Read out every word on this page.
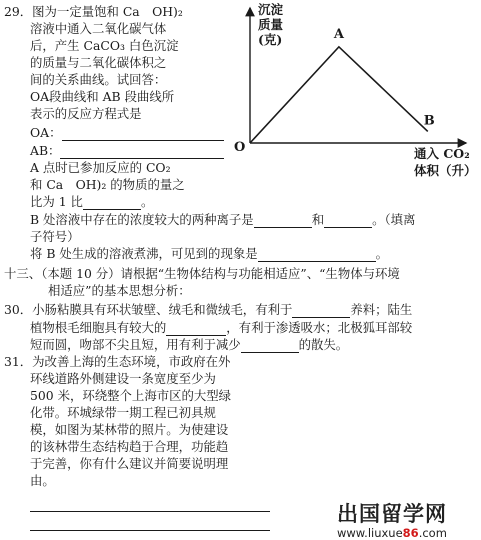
29．图为一定量饱和 Ca　OH)₂
溶液中通入二氧化碳气体
后，产生 CaCO₃ 白色沉淀
的质量与二氧化碳体积之
间的关系曲线。试回答：
OA段曲线和 AB 段曲线所
表示的反应方程式是
OA：
AB：
A 点时已参加反应的 CO₂
和 Ca　OH)₂ 的物质的量之
比为 1 比	。
B 处溶液中存在的浓度较大的两种离子是	和	。（填离
子符号）
将 B 处生成的溶液煮沸，可见到的现象是	。
沉淀
质量
(克)
通入 CO₂
体积（升）
O
A
B
十三、（本题 10 分）请根据“生物体结构与功能相适应”、“生物体与环境
相适应”的基本思想分析：
30．小肠粘膜具有环状皱壁、绒毛和微绒毛，有利于	养料；陆生
植物根毛细胞具有较大的	，有利于渗透吸水；北极狐耳部较
短而圆，吻部不尖且短，用有利于减少	的散失。
31．为改善上海的生态环境，市政府在外
环线道路外侧建设一条宽度至少为
500 米，环绕整个上海市区的大型绿
化带。环城绿带一期工程已初具规
模，如图为某林带的照片。为使建设
的该林带生态结构趋于合理，功能趋
于完善，你有什么建议并简要说明理
由。
出国留学网
www.liuxue86.com
